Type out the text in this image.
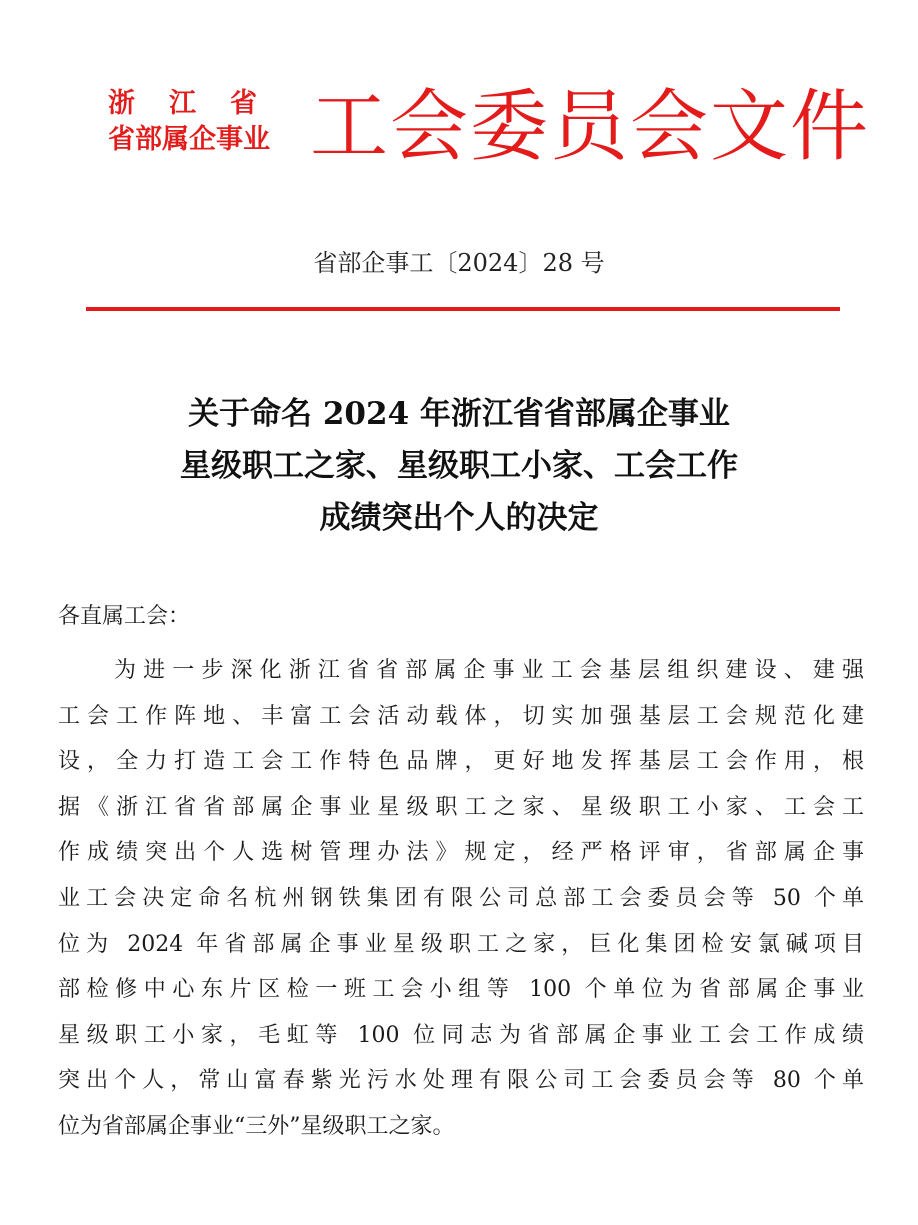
浙江省
省部属企事业 工会委员会文件
省部企事工〔2024〕28 号
关于命名 2024 年浙江省省部属企事业
星级职工之家、星级职工小家、工会工作
成绩突出个人的决定
各直属工会：
为进一步深化浙江省省部属企事业工会基层组织建设、建强
工会工作阵地、丰富工会活动载体，切实加强基层工会规范化建
设，全力打造工会工作特色品牌，更好地发挥基层工会作用，根
据《浙江省省部属企事业星级职工之家、星级职工小家、工会工
作成绩突出个人选树管理办法》规定，经严格评审，省部属企事
业工会决定命名杭州钢铁集团有限公司总部工会委员会等 50 个单
位为 2024 年省部属企事业星级职工之家，巨化集团检安氯碱项目
部检修中心东片区检一班工会小组等 100 个单位为省部属企事业
星级职工小家，毛虹等 100 位同志为省部属企事业工会工作成绩
突出个人，常山富春紫光污水处理有限公司工会委员会等 80 个单
位为省部属企事业“三外”星级职工之家。
